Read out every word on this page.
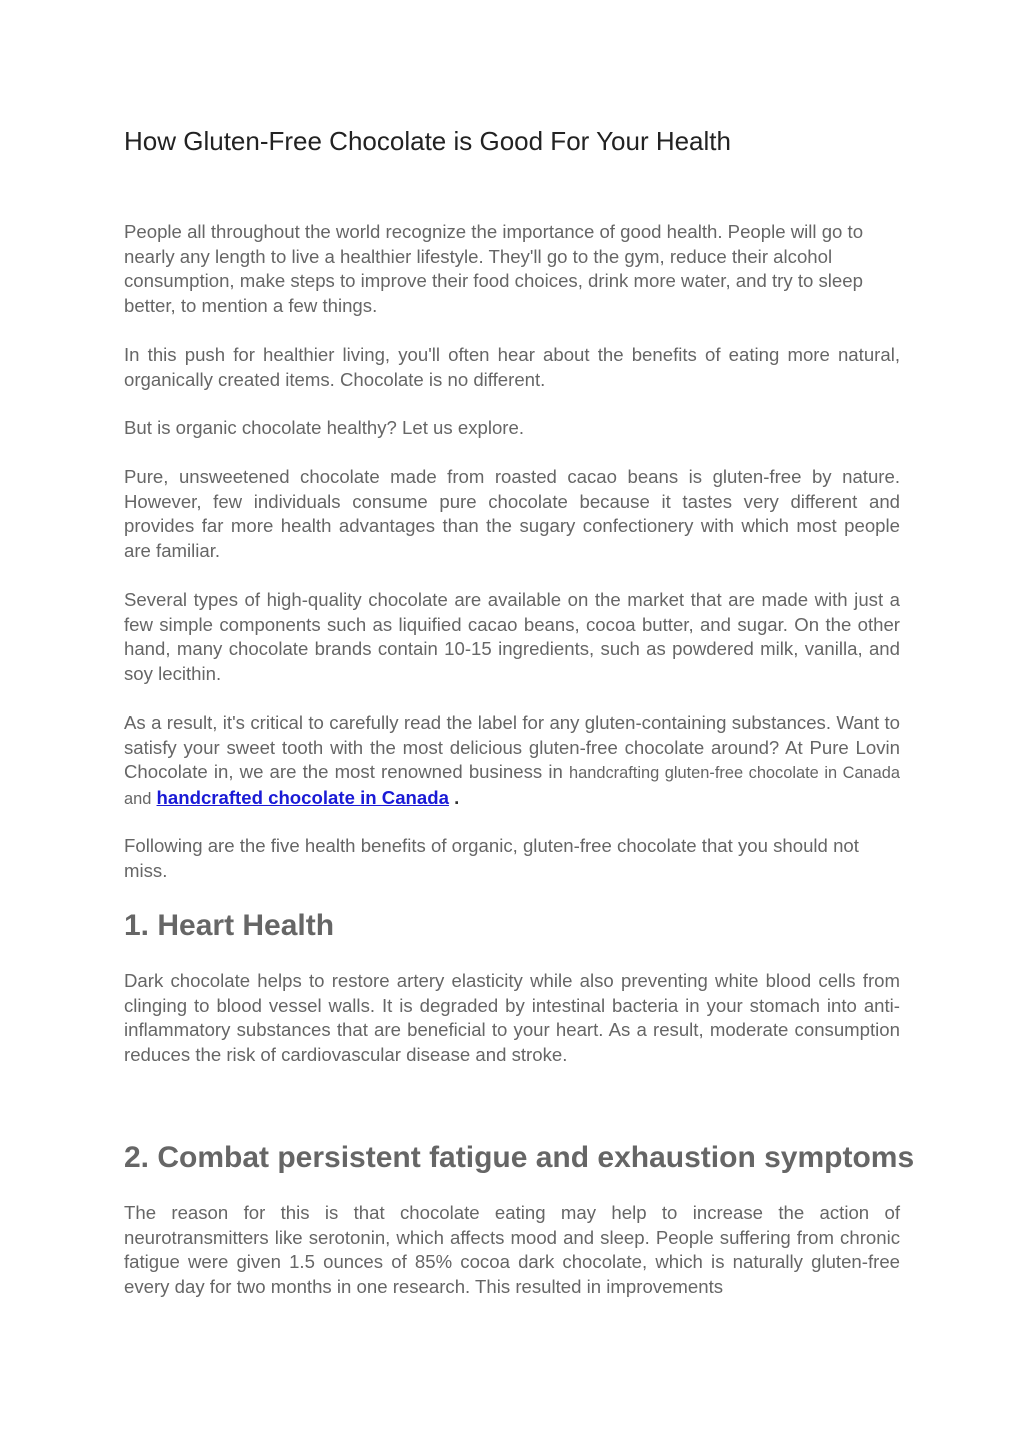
How Gluten-Free Chocolate is Good For Your Health

People all throughout the world recognize the importance of good health. People will go to nearly any length to live a healthier lifestyle. They'll go to the gym, reduce their alcohol consumption, make steps to improve their food choices, drink more water, and try to sleep better, to mention a few things.

In this push for healthier living, you'll often hear about the benefits of eating more natural, organically created items. Chocolate is no different.

But is organic chocolate healthy? Let us explore.

Pure, unsweetened chocolate made from roasted cacao beans is gluten-free by nature. However, few individuals consume pure chocolate because it tastes very different and provides far more health advantages than the sugary confectionery with which most people are familiar.

Several types of high-quality chocolate are available on the market that are made with just a few simple components such as liquified cacao beans, cocoa butter, and sugar. On the other hand, many chocolate brands contain 10-15 ingredients, such as powdered milk, vanilla, and soy lecithin.

As a result, it's critical to carefully read the label for any gluten-containing substances. Want to satisfy your sweet tooth with the most delicious gluten-free chocolate around? At Pure Lovin Chocolate in, we are the most renowned business in handcrafting gluten-free chocolate in Canada and handcrafted chocolate in Canada .

Following are the five health benefits of organic, gluten-free chocolate that you should not miss.

1. Heart Health

Dark chocolate helps to restore artery elasticity while also preventing white blood cells from clinging to blood vessel walls. It is degraded by intestinal bacteria in your stomach into anti-inflammatory substances that are beneficial to your heart. As a result, moderate consumption reduces the risk of cardiovascular disease and stroke.

2. Combat persistent fatigue and exhaustion symptoms

The reason for this is that chocolate eating may help to increase the action of neurotransmitters like serotonin, which affects mood and sleep. People suffering from chronic fatigue were given 1.5 ounces of 85% cocoa dark chocolate, which is naturally gluten-free every day for two months in one research. This resulted in improvements
